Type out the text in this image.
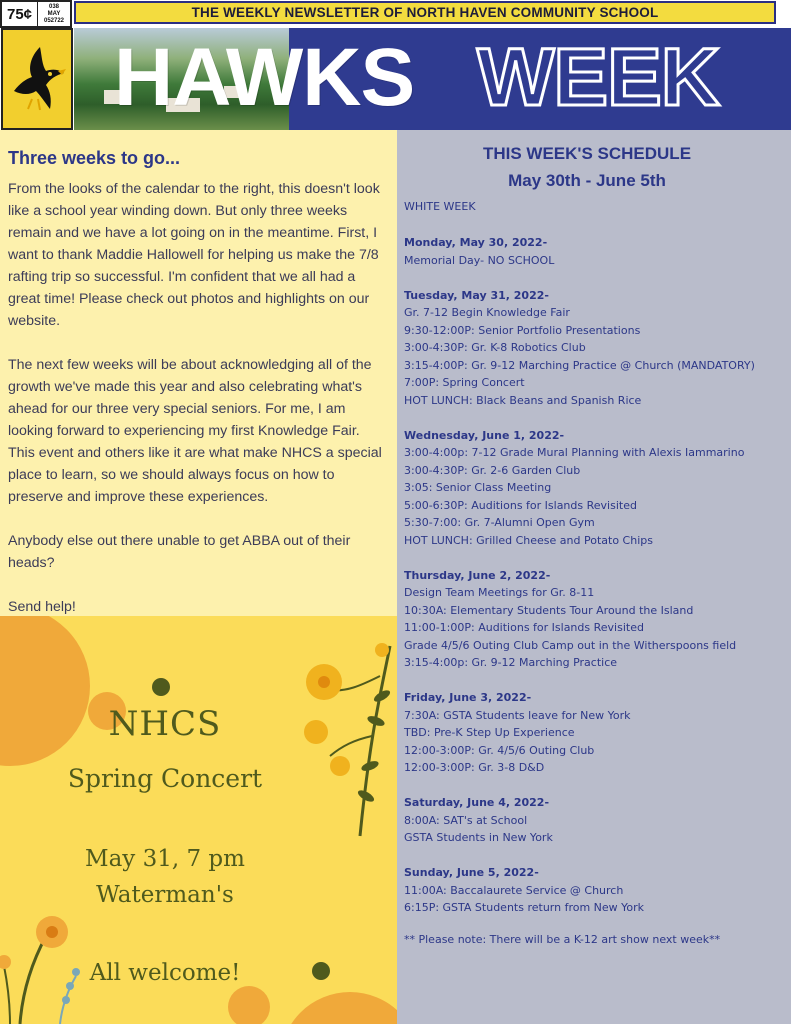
75¢	038
MAY
052722
THE WEEKLY NEWSLETTER OF NORTH HAVEN COMMUNITY SCHOOL
HAWKS WEEK
Three weeks to go...

From the looks of the calendar to the right, this doesn't look like a school year winding down. But only three weeks remain and we have a lot going on in the meantime. First, I want to thank Maddie Hallowell for helping us make the 7/8 rafting trip so successful. I'm confident that we all had a great time! Please check out photos and highlights on our website.

The next few weeks will be about acknowledging all of the growth we've made this year and also celebrating what's ahead for our three very special seniors. For me, I am looking forward to experiencing my first Knowledge Fair. This event and others like it are what make NHCS a special place to learn, so we should always focus on how to preserve and improve these experiences.

Anybody else out there unable to get ABBA out of their heads?

Send help!

NHCS
Spring Concert
May 31, 7 pm
Waterman's
All welcome!
THIS WEEK'S SCHEDULE
May 30th - June 5th
WHITE WEEK
Monday, May 30, 2022-
Memorial Day- NO SCHOOL
Tuesday, May 31, 2022-
Gr. 7-12 Begin Knowledge Fair
9:30-12:00P: Senior Portfolio Presentations
3:00-4:30P: Gr. K-8 Robotics Club
3:15-4:00P: Gr. 9-12 Marching Practice @ Church (MANDATORY)
7:00P: Spring Concert
HOT LUNCH: Black Beans and Spanish Rice
Wednesday, June 1, 2022-
3:00-4:00p: 7-12 Grade Mural Planning with Alexis Iammarino
3:00-4:30P: Gr. 2-6 Garden Club
3:05: Senior Class Meeting
5:00-6:30P: Auditions for Islands Revisited
5:30-7:00: Gr. 7-Alumni Open Gym
HOT LUNCH: Grilled Cheese and Potato Chips
Thursday, June 2, 2022-
Design Team Meetings for Gr. 8-11
10:30A: Elementary Students Tour Around the Island
11:00-1:00P: Auditions for Islands Revisited
Grade 4/5/6 Outing Club Camp out in the Witherspoons field
3:15-4:00p: Gr. 9-12 Marching Practice
Friday, June 3, 2022-
7:30A: GSTA Students leave for New York
TBD: Pre-K Step Up Experience
12:00-3:00P: Gr. 4/5/6 Outing Club
12:00-3:00P: Gr. 3-8 D&D
Saturday, June 4, 2022-
8:00A: SAT's at School
GSTA Students in New York
Sunday, June 5, 2022-
11:00A: Baccalaurete Service @ Church
6:15P: GSTA Students return from New York
** Please note: There will be a K-12 art show next week**
